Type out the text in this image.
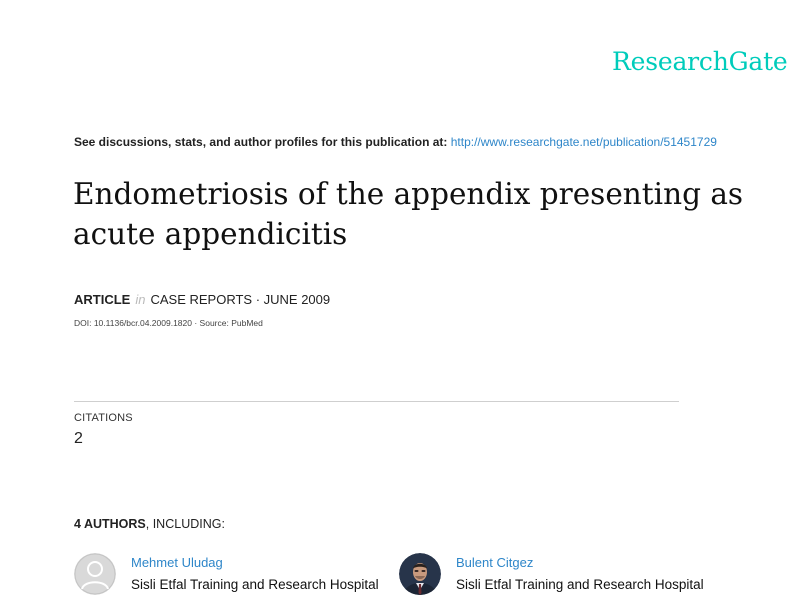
ResearchGate
See discussions, stats, and author profiles for this publication at: http://www.researchgate.net/publication/51451729
Endometriosis of the appendix presenting as acute appendicitis
ARTICLE in CASE REPORTS · JUNE 2009
DOI: 10.1136/bcr.04.2009.1820 · Source: PubMed
CITATIONS
2
4 AUTHORS, INCLUDING:
Mehmet Uludag
Sisli Etfal Training and Research Hospital
Bulent Citgez
Sisli Etfal Training and Research Hospital
